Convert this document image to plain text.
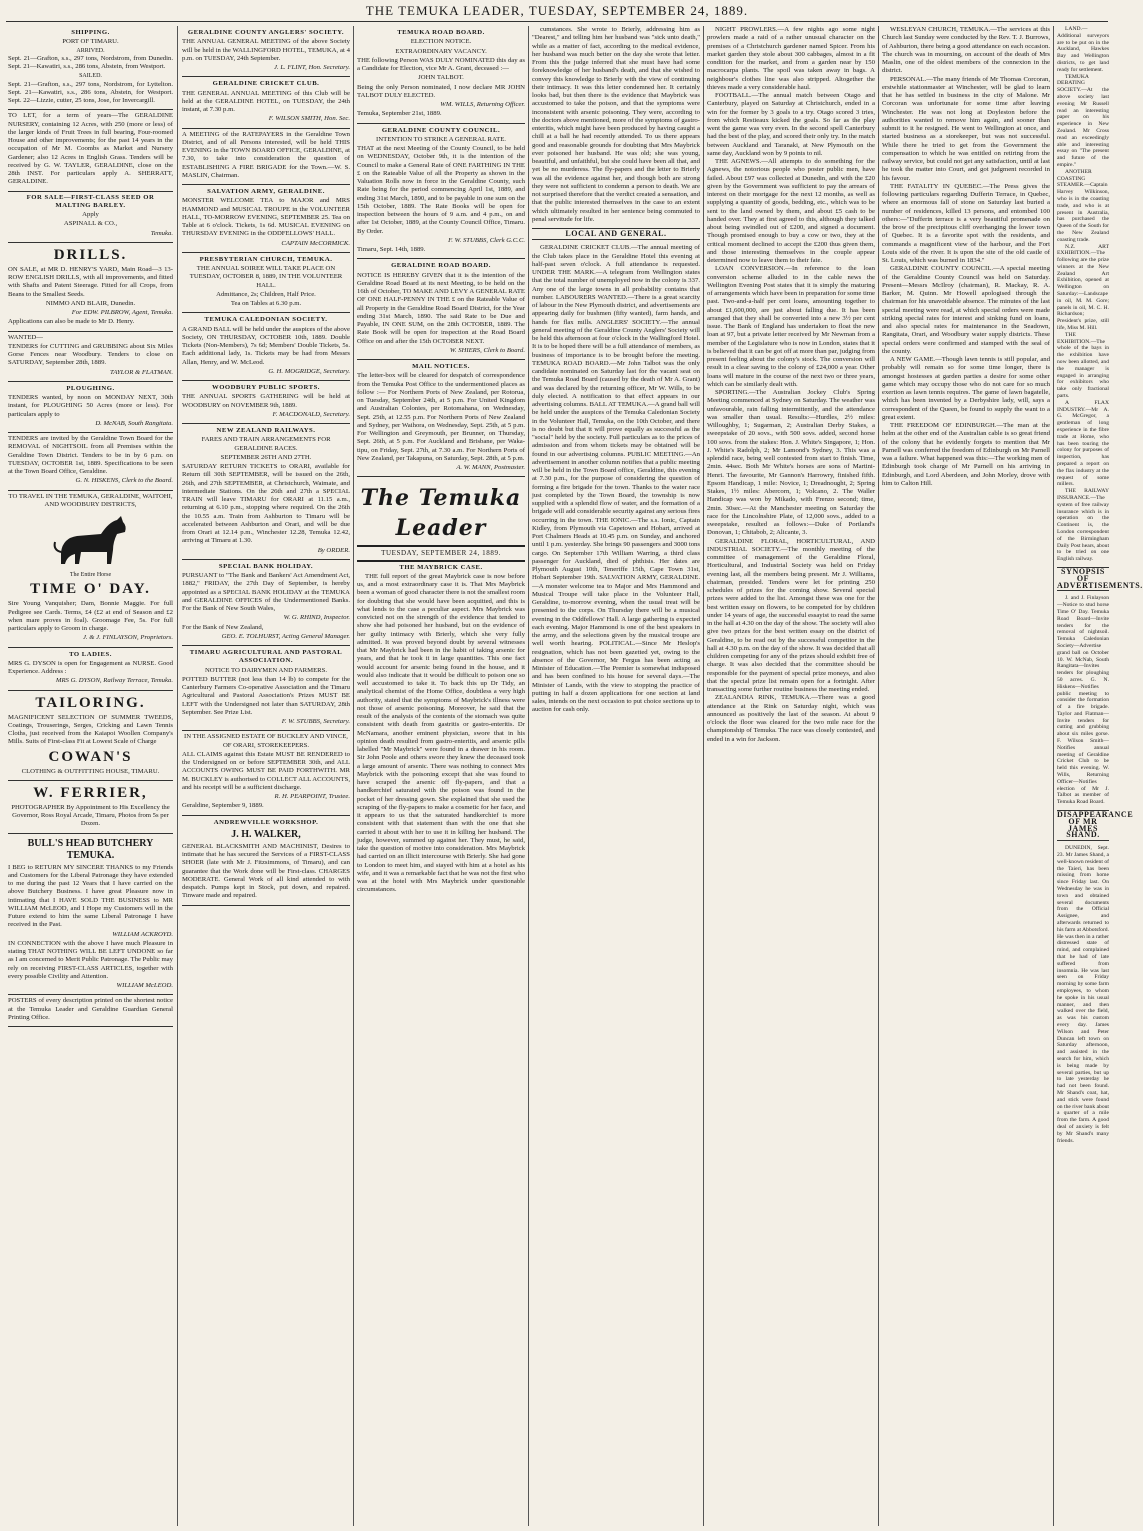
THE TEMUKA LEADER, TUESDAY, SEPTEMBER 24, 1889.
SHIPPING.
PORT OF TIMARU.
ARRIVED.

Sept. 21—Grafton, s.s., 297 tons, Nordstrom, from Dunedin. Sept. 21—Kawatiri, s.s., 286 tons, Abstein, from Westport.

SAILED.

Sept. 21—Grafton, s.s., 297 tons, Nordstrom, for Lyttelton. Sept. 21—Kawatiri, s.s., 286 tons, Abstein, for Westport. Sept. 22—Lizzie, cutter, 25 tons, Jose, for Invercargill.

TO LET, for a term of years—The GERALDINE NURSERY, containing 12 Acres, with 250 (more or less) of the larger kinds of Fruit Trees in full bearing, Four-roomed House and other improvements; for the past 14 years in the occupation of Mr M. Coombs as Market and Nursery Gardener; also 12 Acres in English Grass. Tenders will be received by G. W. TAYLER, GERALDINE, close on the 28th INST. For particulars apply A. SHERRATT, GERALDINE.

FOR SALE—FIRST-CLASS SEED OR MALTING BARLEY.

Apply

ASPINALL & CO.,

Temuka.

DRILLS.

ON SALE, at MR D. HENRY'S YARD, Main Road—3 13-ROW ENGLISH DRILLS, with all improvements, and fitted with Shafts and Patent Steerage. Fitted for all Crops, from Beans to the Smallest Seeds.

NIMMO AND BLAIR, Dunedin.

For EDW. PILBROW, Agent, Temuka.

Applications can also be made to Mr D. Henry.

WANTED—

TENDERS for CUTTING and GRUBBING about Six Miles Gorse Fences near Woodbury. Tenders to close on SATURDAY, September 28th, 1889.

TAYLOR & FLATMAN.

PLOUGHING.

TENDERS wanted, by noon on MONDAY NEXT, 30th instant, for PLOUGHING 50 Acres (more or less). For particulars apply to

D. McNAB, South Rangitata.

TENDERS are invited by the Geraldine Town Board for the REMOVAL of NIGHTSOIL from all Premises within the Geraldine Town District. Tenders to be in by 6 p.m. on TUESDAY, OCTOBER 1st, 1889. Specifications to be seen at the Town Board Office, Geraldine.

G. N. HISKENS, Clerk to the Board.

TO TRAVEL IN THE TEMUKA, GERALDINE, WAITOHI, AND WOODBURY DISTRICTS,

The Entire Horse

TIME O' DAY.

Sire Young Vanquisher; Dam, Bonnie Maggie. For full Pedigree see Cards. Terms, £4 (£2 at end of Season and £2 when mare proves in foal). Groomage Fee, 5s. For full particulars apply to Groom in charge.

J. & J. FINLAYSON, Proprietors.

TO LADIES.

MRS G. DYSON is open for Engagement as NURSE. Good Experience. Address :

MRS G. DYSON, Railway Terrace, Temuka.

TAILORING.

MAGNIFICENT SELECTION OF SUMMER TWEEDS, Coatings, Trouserings, Serges, Cricking and Lawn Tennis Cloths, just received from the Kaiapoi Woollen Company's Mills. Suits of First-class Fit at Lowest Scale of Charge

COWAN'S

CLOTHING & OUTFITTING HOUSE, TIMARU.

W. FERRIER,

PHOTOGRAPHER By Appointment to His Excellency the Governor, Ross Royal Arcade, Timaru, Photos from 5s per Dozen.

BULL'S HEAD BUTCHERY TEMUKA.

I BEG to RETURN MY SINCERE THANKS to my Friends and Customers for the Liberal Patronage they have extended to me during the past 12 Years that I have carried on the above Butchery Business. I have great Pleasure now in intimating that I HAVE SOLD THE BUSINESS to MR WILLIAM McLEOD, and I Hope my Customers will in the Future extend to him the same Liberal Patronage I have received in the Past.

WILLIAM ACKROYD.

IN CONNECTION with the above I have much Pleasure in stating THAT NOTHING WILL BE LEFT UNDONE so far as I am concerned to Merit Public Patronage. The Public may rely on receiving FIRST-CLASS ARTICLES, together with every possible Civility and Attention.

WILLIAM McLEOD.

POSTERS of every description printed on the shortest notice at the Temuka Leader and Geraldine Guardian General Printing Office.

GERALDINE COUNTY ANGLERS' SOCIETY.

THE ANNUAL GENERAL MEETING of the above Society will be held in the WALLINGFORD HOTEL, TEMUKA, at 4 p.m. on TUESDAY, 24th September.

J. L. FLINT, Hon. Secretary.

GERALDINE CRICKET CLUB.

THE GENERAL ANNUAL MEETING of this Club will be held at the GERALDINE HOTEL, on TUESDAY, the 24th instant, at 7.30 p.m.

F. WILSON SMITH, Hon. Sec.

A MEETING of the RATEPAYERS in the Geraldine Town District, and of all Persons interested, will be held THIS EVENING in the TOWN BOARD OFFICE, GERALDINE, at 7.30, to take into consideration the question of ESTABLISHING A FIRE BRIGADE for the Town.—W. S. MASLIN, Chairman.

SALVATION ARMY, GERALDINE.

MONSTER WELCOME TEA to MAJOR and MRS HAMMOND and MUSICAL TROUPE in the VOLUNTEER HALL, TO-MORROW EVENING, SEPTEMBER 25. Tea on Table at 6 o'clock. Tickets, 1s 6d. MUSICAL EVENING on THURSDAY EVENING in the ODDFELLOWS' HALL.

CAPTAIN McCORMICK.

PRESBYTERIAN CHURCH, TEMUKA.

THE ANNUAL SOIREE WILL TAKE PLACE ON TUESDAY, OCTOBER 8, 1889, IN THE VOLUNTEER HALL.

Admittance, 2s; Children, Half Price.

Tea on Tables at 6.30 p.m.

TEMUKA CALEDONIAN SOCIETY.

A GRAND BALL will be held under the auspices of the above Society, ON THURSDAY, OCTOBER 10th, 1889. Double Tickets (Non-Members), 7s 6d; Members' Double Tickets, 5s. Each additional lady, 1s. Tickets may be had from Messrs Allan, Henry, and W. McLeod.

G. H. MOGRIDGE, Secretary.

WOODBURY PUBLIC SPORTS.

THE ANNUAL SPORTS GATHERING will be held at WOODBURY on NOVEMBER 9th, 1889.

F. MACDONALD, Secretary.

NEW ZEALAND RAILWAYS.

FARES AND TRAIN ARRANGEMENTS FOR GERALDINE RACES.

SEPTEMBER 26TH AND 27TH.

SATURDAY RETURN TICKETS to ORARI, available for Return till 30th SEPTEMBER, will be issued on the 26th, 26th, and 27th SEPTEMBER, at Christchurch, Waimate, and intermediate Stations. On the 26th and 27th a SPECIAL TRAIN will leave TIMARU for ORARI at 11.15 a.m., returning at 6.10 p.m., stopping where required. On the 26th the 10.55 a.m. Train from Ashburton to Timaru will be accelerated between Ashburton and Orari, and will be due from Orari at 12.14 p.m., Winchester 12.28, Temuka 12.42, arriving at Timaru at 1.30.

By ORDER.

SPECIAL BANK HOLIDAY.

PURSUANT to "The Bank and Bankers' Act Amendment Act, 1882," FRIDAY, the 27th Day of September, is hereby appointed as a SPECIAL BANK HOLIDAY at the TEMUKA and GERALDINE OFFICES of the Undermentioned Banks. For the Bank of New South Wales,

W. G. RHIND, Inspector.

For the Bank of New Zealand,

GEO. E. TOLHURST, Acting General Manager.

TIMARU AGRICULTURAL AND PASTORAL ASSOCIATION.

NOTICE TO DAIRYMEN AND FARMERS.

POTTED BUTTER (not less than 14 lb) to compete for the Canterbury Farmers Co-operative Association and the Timaru Agricultural and Pastoral Association's Prizes MUST BE LEFT with the Undersigned not later than SATURDAY, 28th September. See Prize List.

F. W. STUBBS, Secretary.

IN THE ASSIGNED ESTATE OF BUCKLEY AND VINCE, OF ORARI, STOREKEEPERS.

ALL CLAIMS against this Estate MUST BE RENDERED to the Undersigned on or before SEPTEMBER 30th, and ALL ACCOUNTS OWING MUST BE PAID FORTHWITH. MR M. BUCKLEY is authorised to COLLECT ALL ACCOUNTS, and his receipt will be a sufficient discharge.

R. H. PEARPOINT, Trustee.

Geraldine, September 9, 1889.

ANDREWVILLE WORKSHOP.
J. H. WALKER,

GENERAL BLACKSMITH AND MACHINIST, Desires to intimate that he has secured the Services of a FIRST-CLASS SHOER (late with Mr J. Fitzsimmons, of Timaru), and can guarantee that the Work done will be First-class. CHARGES MODERATE. General Work of all kind attended to with despatch. Pumps kept in Stock, put down, and repaired. Tinware made and repaired.

TEMUKA ROAD BOARD.

ELECTION NOTICE.

EXTRAORDINARY VACANCY.

THE following Person WAS DULY NOMINATED this day as a Candidate for Election, vice Mr A. Grant, deceased :—

JOHN TALBOT.

Being the only Person nominated, I now declare MR JOHN TALBOT DULY ELECTED.

WM. WILLS, Returning Officer.

Temuka, September 21st, 1889.

GERALDINE COUNTY COUNCIL.

INTENTION TO STRIKE A GENERAL RATE.

THAT at the next Meeting of the County Council, to be held on WEDNESDAY, October 9th, it is the intention of the Council to make a General Rate of ONE FARTHING IN THE £ on the Rateable Value of all the Property as shown in the Valuation Rolls now in force in the Geraldine County, such Rate being for the period commencing April 1st, 1889, and ending 31st March, 1890, and to be payable in one sum on the 15th October, 1889. The Rate Books will be open for inspection between the hours of 9 a.m. and 4 p.m., on and after 1st October, 1889, at the County Council Office, Timaru. By Order.

F. W. STUBBS, Clerk G.C.C.

Timaru, Sept. 14th, 1889.

GERALDINE ROAD BOARD.

NOTICE IS HEREBY GIVEN that it is the intention of the Geraldine Road Board at its next Meeting, to be held on the 16th of October, TO MAKE AND LEVY A GENERAL RATE OF ONE HALF-PENNY IN THE £ on the Rateable Value of all Property in the Geraldine Road Board District, for the Year ending 31st March, 1890. The said Rate to be Due and Payable, IN ONE SUM, on the 28th OCTOBER, 1889. The Rate Book will be open for inspection at the Road Board Office on and after the 15th OCTOBER NEXT.

W. SHIERS, Clerk to Board.

MAIL NOTICES.

The letter-box will be cleared for despatch of correspondence from the Temuka Post Office to the undermentioned places as follow :— For Northern Ports of New Zealand, per Rotorua, on Tuesday, September 24th, at 5 p.m. For United Kingdom and Australian Colonies, per Rotomahana, on Wednesday, Sept. 25th, at 12.55 p.m. For Northern Ports of New Zealand and Sydney, per Waihora, on Wednesday, Sept. 25th, at 5 p.m. For Wellington and Greymouth, per Brunner, on Thursday, Sept. 26th, at 5 p.m. For Auckland and Brisbane, per Waka-tipu, on Friday, Sept. 27th, at 7.30 a.m. For Northern Ports of New Zealand, per Takapuna, on Saturday, Sept. 28th, at 5 p.m.

A. W. MANN, Postmaster.

The Temuka Leader
TUESDAY, SEPTEMBER 24, 1889.
THE MAYBRICK CASE.

THE full report of the great Maybrick case is now before us, and a most extraordinary case it is. That Mrs Maybrick been a woman of good character there is not the smallest room for doubting that she would have been acquitted, and this is what lends to the case a peculiar aspect. Mrs Maybrick was convicted not on the strength of the evidence that tended to show she had poisoned her husband, but on the evidence of her guilty intimacy with Brierly, which she very fully admitted. It was proved beyond doubt by several witnesses that Mr Maybrick had been in the habit of taking arsenic for years, and that he took it in large quantities. This one fact would account for arsenic being found in the house, and it would also indicate that it would be difficult to poison one so well accustomed to take it. To back this up Dr Tidy, an analytical chemist of the Home Office, doubtless a very high authority, stated that the symptoms of Maybrick's illness were not those of arsenic poisoning. Moreover, he said that the result of the analysis of the contents of the stomach was quite consistent with death from gastritis or gastro-enteritis. Dr McNamara, another eminent physician, swore that in his opinion death resulted from gastro-enteritis, and arsenic pills labelled "Mr Maybrick" were found in a drawer in his room. Sir John Poole and others swore they knew the deceased took a large amount of arsenic. There was nothing to connect Mrs Maybrick with the poisoning except that she was found to have scraped the arsenic off fly-papers, and that a handkerchief saturated with the poison was found in the pocket of her dressing gown. She explained that she used the scraping of the fly-papers to make a cosmetic for her face, and it appears to us that the saturated handkerchief is more consistent with that statement than with the one that she carried it about with her to use it in killing her husband. The judge, however, summed up against her. They must, he said, take the question of motive into consideration. Mrs Maybrick had carried on an illicit intercourse with Brierly. She had gone to London to meet him, and stayed with him at a hotel as his wife, and it was a remarkable fact that he was not the first who was at the hotel with Mrs Maybrick under questionable circumstances.

cumstances. She wrote to Brierly, addressing him as "Dearest," and telling him her husband was "sick unto death," while as a matter of fact, according to the medical evidence, her husband was much better on the day she wrote that letter. From this the judge inferred that she must have had some foreknowledge of her husband's death, and that she wished to convey this knowledge to Brierly with the view of continuing their intimacy. It was this letter condemned her. It certainly looks bad, but then there is the evidence that Maybrick was accustomed to take the poison, and that the symptoms were inconsistent with arsenic poisoning. They were, according to the doctors above mentioned, more of the symptoms of gastro-enteritis, which might have been produced by having caught a chill at a ball he had recently attended. To us there appears good and reasonable grounds for doubting that Mrs Maybrick ever poisoned her husband. He was old; she was young, beautiful, and unfaithful, but she could have been all that, and yet be no murderess. The fly-papers and the letter to Brierly was all the evidence against her, and though both are strong they were not sufficient to condemn a person to death. We are not surprised therefore that the verdict created a sensation, and that the public interested themselves in the case to an extent which ultimately resulted in her sentence being commuted to penal servitude for life.

LOCAL AND GENERAL.

GERALDINE CRICKET CLUB.—The annual meeting of the Club takes place in the Geraldine Hotel this evening at half-past seven o'clock. A full attendance is requested. UNDER THE MARK.—A telegram from Wellington states that the total number of unemployed now in the colony is 337. Any one of the large towns in all probability contains that number. LABOURERS WANTED.—There is a great scarcity of labour in the New Plymouth district, and advertisements are appearing daily for bushmen (fifty wanted), farm hands, and hands for flax mills. ANGLERS' SOCIETY.—The annual general meeting of the Geraldine County Anglers' Society will be held this afternoon at four o'clock in the Wallingford Hotel. It is to be hoped there will be a full attendance of members, as business of importance is to be brought before the meeting. TEMUKA ROAD BOARD.—Mr John Talbot was the only candidate nominated on Saturday last for the vacant seat on the Temuka Road Board (caused by the death of Mr A. Grant) and was declared by the returning officer, Mr W. Wills, to be duly elected. A notification to that effect appears in our advertising columns. BALL AT TEMUKA.—A grand ball will be held under the auspices of the Temuka Caledonian Society in the Volunteer Hall, Temuka, on the 10th October, and there is no doubt but that it will prove equally as successful as the "social" held by the society. Full particulars as to the prices of admission and from whom tickets may be obtained will be found in our advertising columns. PUBLIC MEETING.—An advertisement in another column notifies that a public meeting will be held in the Town Board office, Geraldine, this evening at 7.30 p.m., for the purpose of considering the question of forming a fire brigade for the town. Thanks to the water race just completed by the Town Board, the township is now supplied with a splendid flow of water, and the formation of a brigade will add considerable security against any serious fires occurring in the town. THE IONIC.—The s.s. Ionic, Captain Kidley, from Plymouth via Capetown and Hobart, arrived at Port Chalmers Heads at 10.45 p.m. on Sunday, and anchored until 1 p.m. yesterday. She brings 90 passengers and 3000 tons cargo. On September 17th William Warring, a third class passenger for Auckland, died of phthisis. Her dates are Plymouth August 10th, Teneriffe 15th, Cape Town 31st, Hobart September 19th. SALVATION ARMY, GERALDINE.—A monster welcome tea to Major and Mrs Hammond and Musical Troupe will take place in the Volunteer Hall, Geraldine, to-morrow evening, when the usual treat will be presented to the corps. On Thursday there will be a musical evening in the Oddfellows' Hall. A large gathering is expected each evening. Major Hammond is one of the best speakers in the army, and the selections given by the musical troupe are well worth hearing. POLITICAL.—Since Mr Heslop's resignation, which has not been gazetted yet, owing to the absence of the Governor, Mr Fergus has been acting as Minister of Education.—The Premier is somewhat indisposed and has been confined to his house for several days.—The Minister of Lands, with the view to stopping the practice of putting in half a dozen applications for one section at land sales, intends on the next occasion to put choice sections up to auction for cash only.

NIGHT PROWLERS.—A few nights ago some night prowlers made a raid of a rather unusual character on the premises of a Christchurch gardener named Spicer. From his market garden they stole about 300 cabbages, almost in a fit condition for the market, and from a garden near by 150 macrocarpa plants. The spoil was taken away in bags. A neighbour's clothes line was also stripped. Altogether the thieves made a very considerable haul.

FOOTBALL.—The annual match between Otago and Canterbury, played on Saturday at Christchurch, ended in a win for the former by 3 goals to a try. Otago scored 3 tries, from which Restieaux kicked the goals. So far as the play went the game was very even. In the second spell Canterbury had the best of the play, and scored their only try. In the match between Auckland and Taranaki, at New Plymouth on the same day, Auckland won by 9 points to nil.

THE AGNEWS.—All attempts to do something for the Agnews, the notorious people who poster public men, have failed. About £97 was collected at Dunedin, and with the £20 given by the Government was sufficient to pay the arrears of interest on their mortgage for the next 12 months, as well as supplying a quantity of goods, bedding, etc., which was to be sent to the land owned by them, and about £5 cash to be handed over. They at first agreed to this, although they talked about being swindled out of £200, and signed a document. Though promised enough to buy a cow or two, they at the critical moment declined to accept the £200 thus given them, and those interesting themselves in the couple appear determined now to leave them to their fate.

LOAN CONVERSION.—In reference to the loan conversion scheme alluded to in the cable news the Wellington Evening Post states that it is simply the maturing of arrangements which have been in preparation for some time past. Two-and-a-half per cent loans, amounting together to about £1,600,000, are just about falling due. It has been arranged that they shall be converted into a new 3½ per cent issue. The Bank of England has undertaken to float the new loan at 97, but a private letter received by Mr Newman from a member of the Legislature who is now in London, states that it is believed that it can be got off at more than par, judging from present feeling about the colony's stock. The conversion will result in a clear saving to the colony of £24,000 a year. Other loans will mature in the course of the next two or three years, which can be similarly dealt with.

SPORTING.—The Australian Jockey Club's Spring Meeting commenced at Sydney on Saturday. The weather was unfavourable, rain falling intermittently, and the attendance was smaller than usual. Results:—Hurdles, 2½ miles: Willoughby, 1; Sugarman, 2; Australian Derby Stakes, a sweepstake of 20 sovs., with 500 sovs. added, second horse 100 sovs. from the stakes: Hon. J. White's Singapore, 1; Hon. J. White's Radolph, 2; Mr Lamond's Sydney, 3. This was a splendid race, being well contested from start to finish. Time, 2min. 44sec. Both Mr White's horses are sons of Martini-Henri. The favourite, Mr Gannon's Harrowry, finished fifth. Epsom Handicap, 1 mile: Novice, 1; Dreadnought, 2; Spring Stakes, 1½ miles: Abercorn, 1; Volcano, 2. The Waller Handicap was won by Mikado, with Frenzo second; time, 2min. 30sec.—At the Manchester meeting on Saturday the race for the Lincolnshire Plate, of 12,000 sovs., added to a sweepstake, resulted as follows:—Duke of Portland's Donovan, 1; Chitabob, 2; Alicante, 3.

GERALDINE FLORAL, HORTICULTURAL, AND INDUSTRIAL SOCIETY.—The monthly meeting of the committee of management of the Geraldine Floral, Horticultural, and Industrial Society was held on Friday evening last, all the members being present. Mr J. Williams, chairman, presided. Tenders were let for printing 250 schedules of prizes for the coming show. Several special prizes were added to the list. Amongst these was one for the best written essay on flowers, to be competed for by children under 14 years of age, the successful essayist to read the same in the hall at 4.30 on the day of the show. The society will also give two prizes for the best written essay on the district of Geraldine, to be read out by the successful competitor in the hall at 4.30 p.m. on the day of the show. It was decided that all children competing for any of the prizes should exhibit free of charge. It was also decided that the committee should be responsible for the payment of special prize moneys, and also that the special prize list remain open for a fortnight. After transacting some further routine business the meeting ended.

ZEALANDIA RINK, TEMUKA.—There was a good attendance at the Rink on Saturday night, which was announced as positively the last of the season. At about 9 o'clock the floor was cleared for the two mile race for the championship of Temuka. The race was closely contested, and ended in a win for Jackson.

WESLEYAN CHURCH, TEMUKA.—The services at this Church last Sunday were conducted by the Rev. T. J. Burrows, of Ashburton, there being a good attendance on each occasion. The church was in mourning, on account of the death of Mrs Maslin, one of the oldest members of the connexion in the district.

PERSONAL.—The many friends of Mr Thomas Corcoran, erstwhile stationmaster at Winchester, will be glad to learn that he has settled in business in the city of Malone. Mr Corcoran was unfortunate for some time after leaving Winchester. He was not long at Doyleston before the authorities wanted to remove him again, and sooner than submit to it he resigned. He went to Wellington at once, and started business as a storekeeper, but was not successful. While there he tried to get from the Government the compensation to which he was entitled on retiring from the railway service, but could not get any satisfaction, until at last he took the matter into Court, and got judgment recorded in his favour.

THE FATALITY IN QUEBEC.—The Press gives the following particulars regarding Dufferin Terrace, in Quebec, where an enormous fall of stone on Saturday last buried a number of residences, killed 13 persons, and entombed 100 others:—"Dufferin terrace is a very beautiful promenade on the brow of the precipitous cliff overhanging the lower town of Quebec. It is a favorite spot with the residents, and commands a magnificent view of the harbour, and the Fort Louis side of the river. It is upon the site of the old castle of St. Louis, which was burned in 1834."

GERALDINE COUNTY COUNCIL.—A special meeting of the Geraldine County Council was held on Saturday. Present—Messrs McIlroy (chairman), R. Mackay, R. A. Barker, M. Quinn. Mr Howell apologised through the chairman for his unavoidable absence. The minutes of the last special meeting were read, at which special orders were made striking special rates for interest and sinking fund on loans, and also special rates for maintenance in the Seadown, Rangitata, Orari, and Woodbury water supply districts. These special orders were confirmed and stamped with the seal of the county.

A NEW GAME.—Though lawn tennis is still popular, and probably will remain so for some time longer, there is amongst hostesses at garden parties a desire for some other game which may occupy those who do not care for so much exertion as lawn tennis requires. The game of lawn bagatelle, which has been invented by a Derbyshire lady, will, says a correspondent of the Queen, be found to supply the want to a great extent.

THE FREEDOM OF EDINBURGH.—The man at the helm at the other end of the Australian cable is so great friend of the colony that he evidently forgets to mention that Mr Parnell was conferred the freedom of Edinburgh on Mr Parnell was a failure. What happened was this:—The working men of Edinburgh took charge of Mr Parnell on his arriving in Edinburgh, and Lord Aberdeen, and John Morley, drove with him to Calton Hill.

LAND.—Additional surveyors are to be put on in the Auckland, Hawkes Bay and Wellington districts, to get land ready for settlement.

TEMUKA DEBATING SOCIETY.—At the above society last evening Mr Russell read an interesting paper on his experience in New Zealand. Mr Cross read an exceedingly able and interesting essay on "The present and future of the empire."

ANOTHER COASTING STEAMER.—Captain Harvey Wilkinson, who is in the coasting trade, and who is at present in Australia, has purchased the Queen of the South for the New Zealand coasting trade.

N.Z. ART EXHIBITION.—The following are the prize winners at the New Zealand Art Exhibition, opened at Wellington on Saturday:—Landscape in oil, M. M. Gore; panels in oil, M. C. H. Richardson; President's prize, still life, Miss M. Hill.

THE EXHIBITION.—The whole of the bays in the exhibition have now been allotted, and the manager is engaged in arranging for exhibitors who take only fractional parts.

A FLAX INDUSTRY.—Mr A. G. McGregor, a gentleman of long experience in the fibre trade at Home, who has been touring the colony for purposes of inspection, has prepared a report on the flax industry at the request of some millers.

THE RAILWAY INSURANCE.—The system of free railway insurance which is in operation on the Continent is, the London correspondent of the Birmingham Daily Post hears, about to be tried on one English railway.

SYNOPSIS OF ADVERTISEMENTS.

J. and J. Finlayson—Notice to stud horse Time O' Day. Temuka Road Board—Invite tenders for the removal of nightsoil. Temuka Caledonian Society—Advertise grand ball on October 10. W. McNab, South Rangitata—Invites tenders for ploughing 50 acres. G. N. Hiskens—Notifies public meeting to consider the formation of a fire brigade. Taylor and Flatman—Invite tenders for cutting and grubbing about six miles gorse. F. Wilson Smith—Notifies annual meeting of Geraldine Cricket Club to be held this evening. W. Wills, Returning Officer—Notifies election of Mr J. Talbot as member of Temuka Road Board.

DISAPPEARANCE OF MR JAMES SHAND.

DUNEDIN, Sept. 23. Mr James Shand, a well-known resident of the Taieri, has been missing from home since Friday last. On Wednesday he was in town and obtained several documents from the Official Assignee, and afterwards returned to his farm at Abbotsford. He was then in a rather distressed state of mind, and complained that he had of late suffered from insomnia. He was last seen on Friday morning by some farm employees, to whom he spoke in his usual manner, and then walked over the field, as was his custom every day. James Wilson and Peter Duncan left town on Saturday afternoon, and assisted in the search for him, which is being made by several parties, but up to late yesterday he had not been found. Mr Shand's coat, hat, and stick were found on the river bank about a quarter of a mile from the farm. A good deal of anxiety is felt by Mr Shand's many friends.
